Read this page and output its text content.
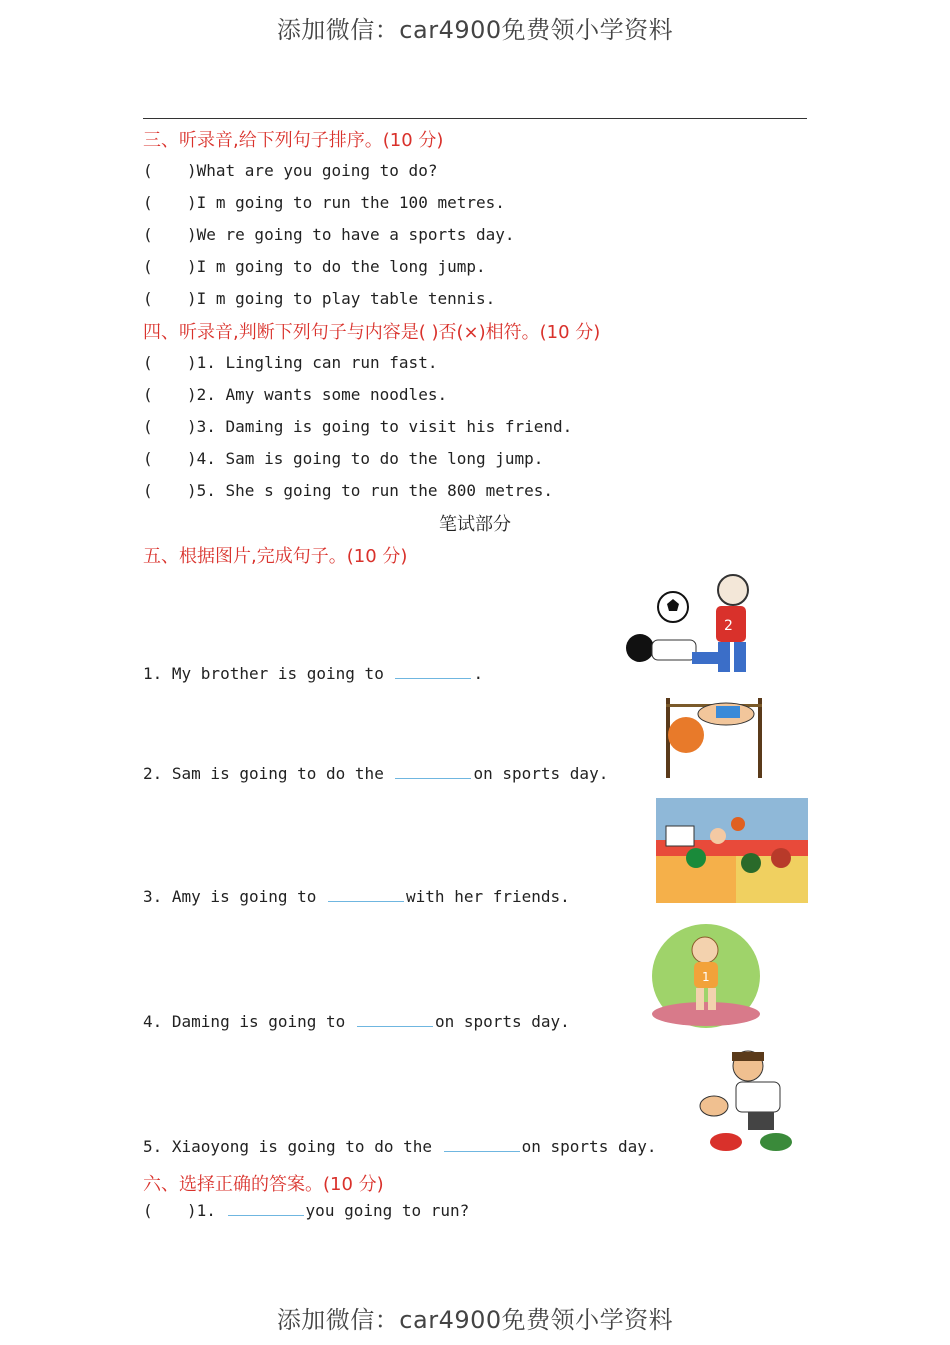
添加微信：car4900免费领小学资料
三、听录音,给下列句子排序。(10 分)
( )What are you going to do?
( )I m going to run the 100 metres.
( )We re going to have a sports day.
( )I m going to do the long jump.
( )I m going to play table tennis.
四、听录音,判断下列句子与内容是( )否(×)相符。(10 分)
( )1. Lingling can run fast.
( )2. Amy wants some noodles.
( )3. Daming is going to visit his friend.
( )4. Sam is going to do the long jump.
( )5. She s going to run the 800 metres.
笔试部分
五、根据图片,完成句子。(10 分)
1. My brother is going to	.
2. Sam is going to do the	on sports day.
3. Amy is going to	with her friends.
4. Daming is going to	on sports day.
5. Xiaoyong is going to do the	on sports day.
2
1
六、选择正确的答案。(10 分)
( )1.	you going to run?
添加微信：car4900免费领小学资料
